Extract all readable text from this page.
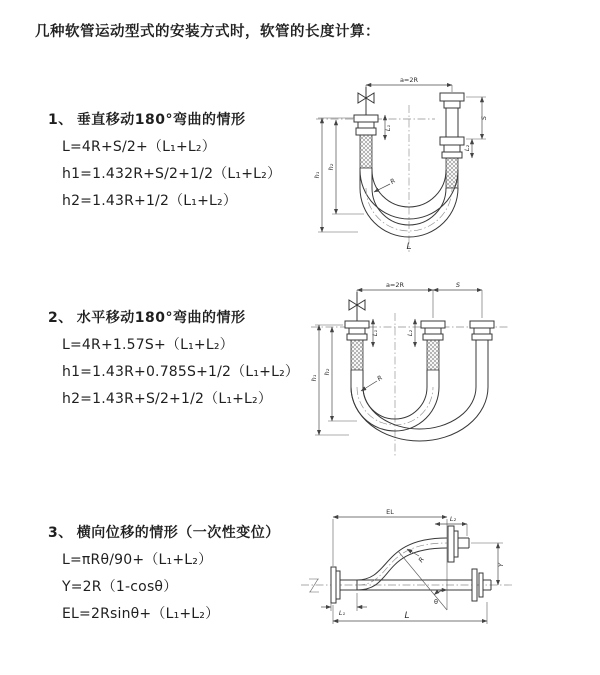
几种软管运动型式的安装方式时，软管的长度计算：
1、 垂直移动180°弯曲的情形
L=4R+S/2+（L₁+L₂）
h1=1.432R+S/2+1/2（L₁+L₂）
h2=1.43R+1/2（L₁+L₂）
2、 水平移动180°弯曲的情形
L=4R+1.57S+（L₁+L₂）
h1=1.43R+0.785S+1/2（L₁+L₂）
h2=1.43R+S/2+1/2（L₁+L₂）
3、 横向位移的情形（一次性变位）
L=πRθ/90+（L₁+L₂）
Y=2R（1-cosθ）
EL=2Rsinθ+（L₁+L₂）
a=2R
L₁
S
L₂
h₁
h₂
R
L
a=2R	S
L₁	L₂
h₁
h₂
R
EL
L₂
Y
θ
R
L₁	L
